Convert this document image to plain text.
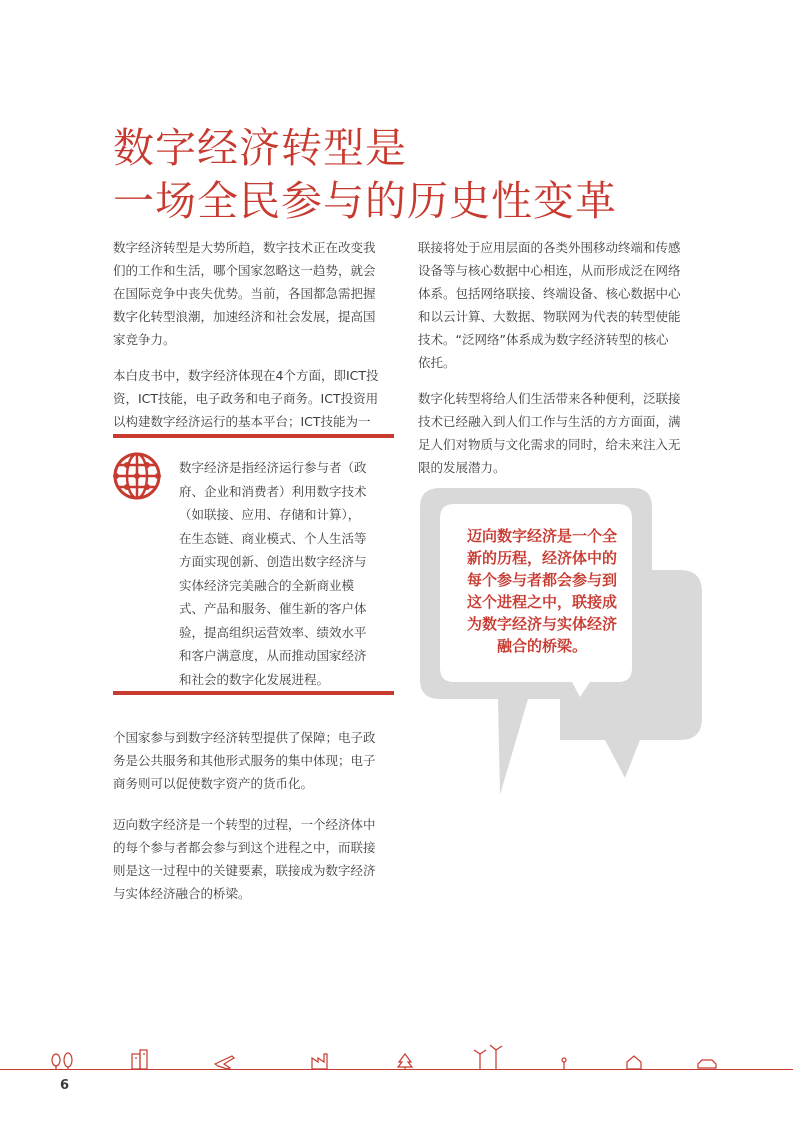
数字经济转型是
一场全民参与的历史性变革

数字经济转型是大势所趋，数字技术正在改变我
们的工作和生活，哪个国家忽略这一趋势，就会
在国际竞争中丧失优势。当前，各国都急需把握
数字化转型浪潮，加速经济和社会发展，提高国
家竞争力。

本白皮书中，数字经济体现在4个方面，即ICT投
资，ICT技能，电子政务和电子商务。ICT投资用
以构建数字经济运行的基本平台；ICT技能为一

数字经济是指经济运行参与者（政
府、企业和消费者）利用数字技术
（如联接、应用、存储和计算），
在生态链、商业模式、个人生活等
方面实现创新、创造出数字经济与
实体经济完美融合的全新商业模
式、产品和服务、催生新的客户体
验，提高组织运营效率、绩效水平
和客户满意度，从而推动国家经济
和社会的数字化发展进程。

个国家参与到数字经济转型提供了保障；电子政
务是公共服务和其他形式服务的集中体现；电子
商务则可以促使数字资产的货币化。

迈向数字经济是一个转型的过程，一个经济体中
的每个参与者都会参与到这个进程之中，而联接
则是这一过程中的关键要素，联接成为数字经济
与实体经济融合的桥梁。

联接将处于应用层面的各类外围移动终端和传感
设备等与核心数据中心相连，从而形成泛在网络
体系。包括网络联接、终端设备、核心数据中心
和以云计算、大数据、物联网为代表的转型使能
技术。“泛网络”体系成为数字经济转型的核心
依托。

数字化转型将给人们生活带来各种便利，泛联接
技术已经融入到人们工作与生活的方方面面，满
足人们对物质与文化需求的同时，给未来注入无
限的发展潜力。

迈向数字经济是一个全
新的历程，经济体中的
每个参与者都会参与到
这个进程之中，联接成
为数字经济与实体经济
融合的桥梁。

6
